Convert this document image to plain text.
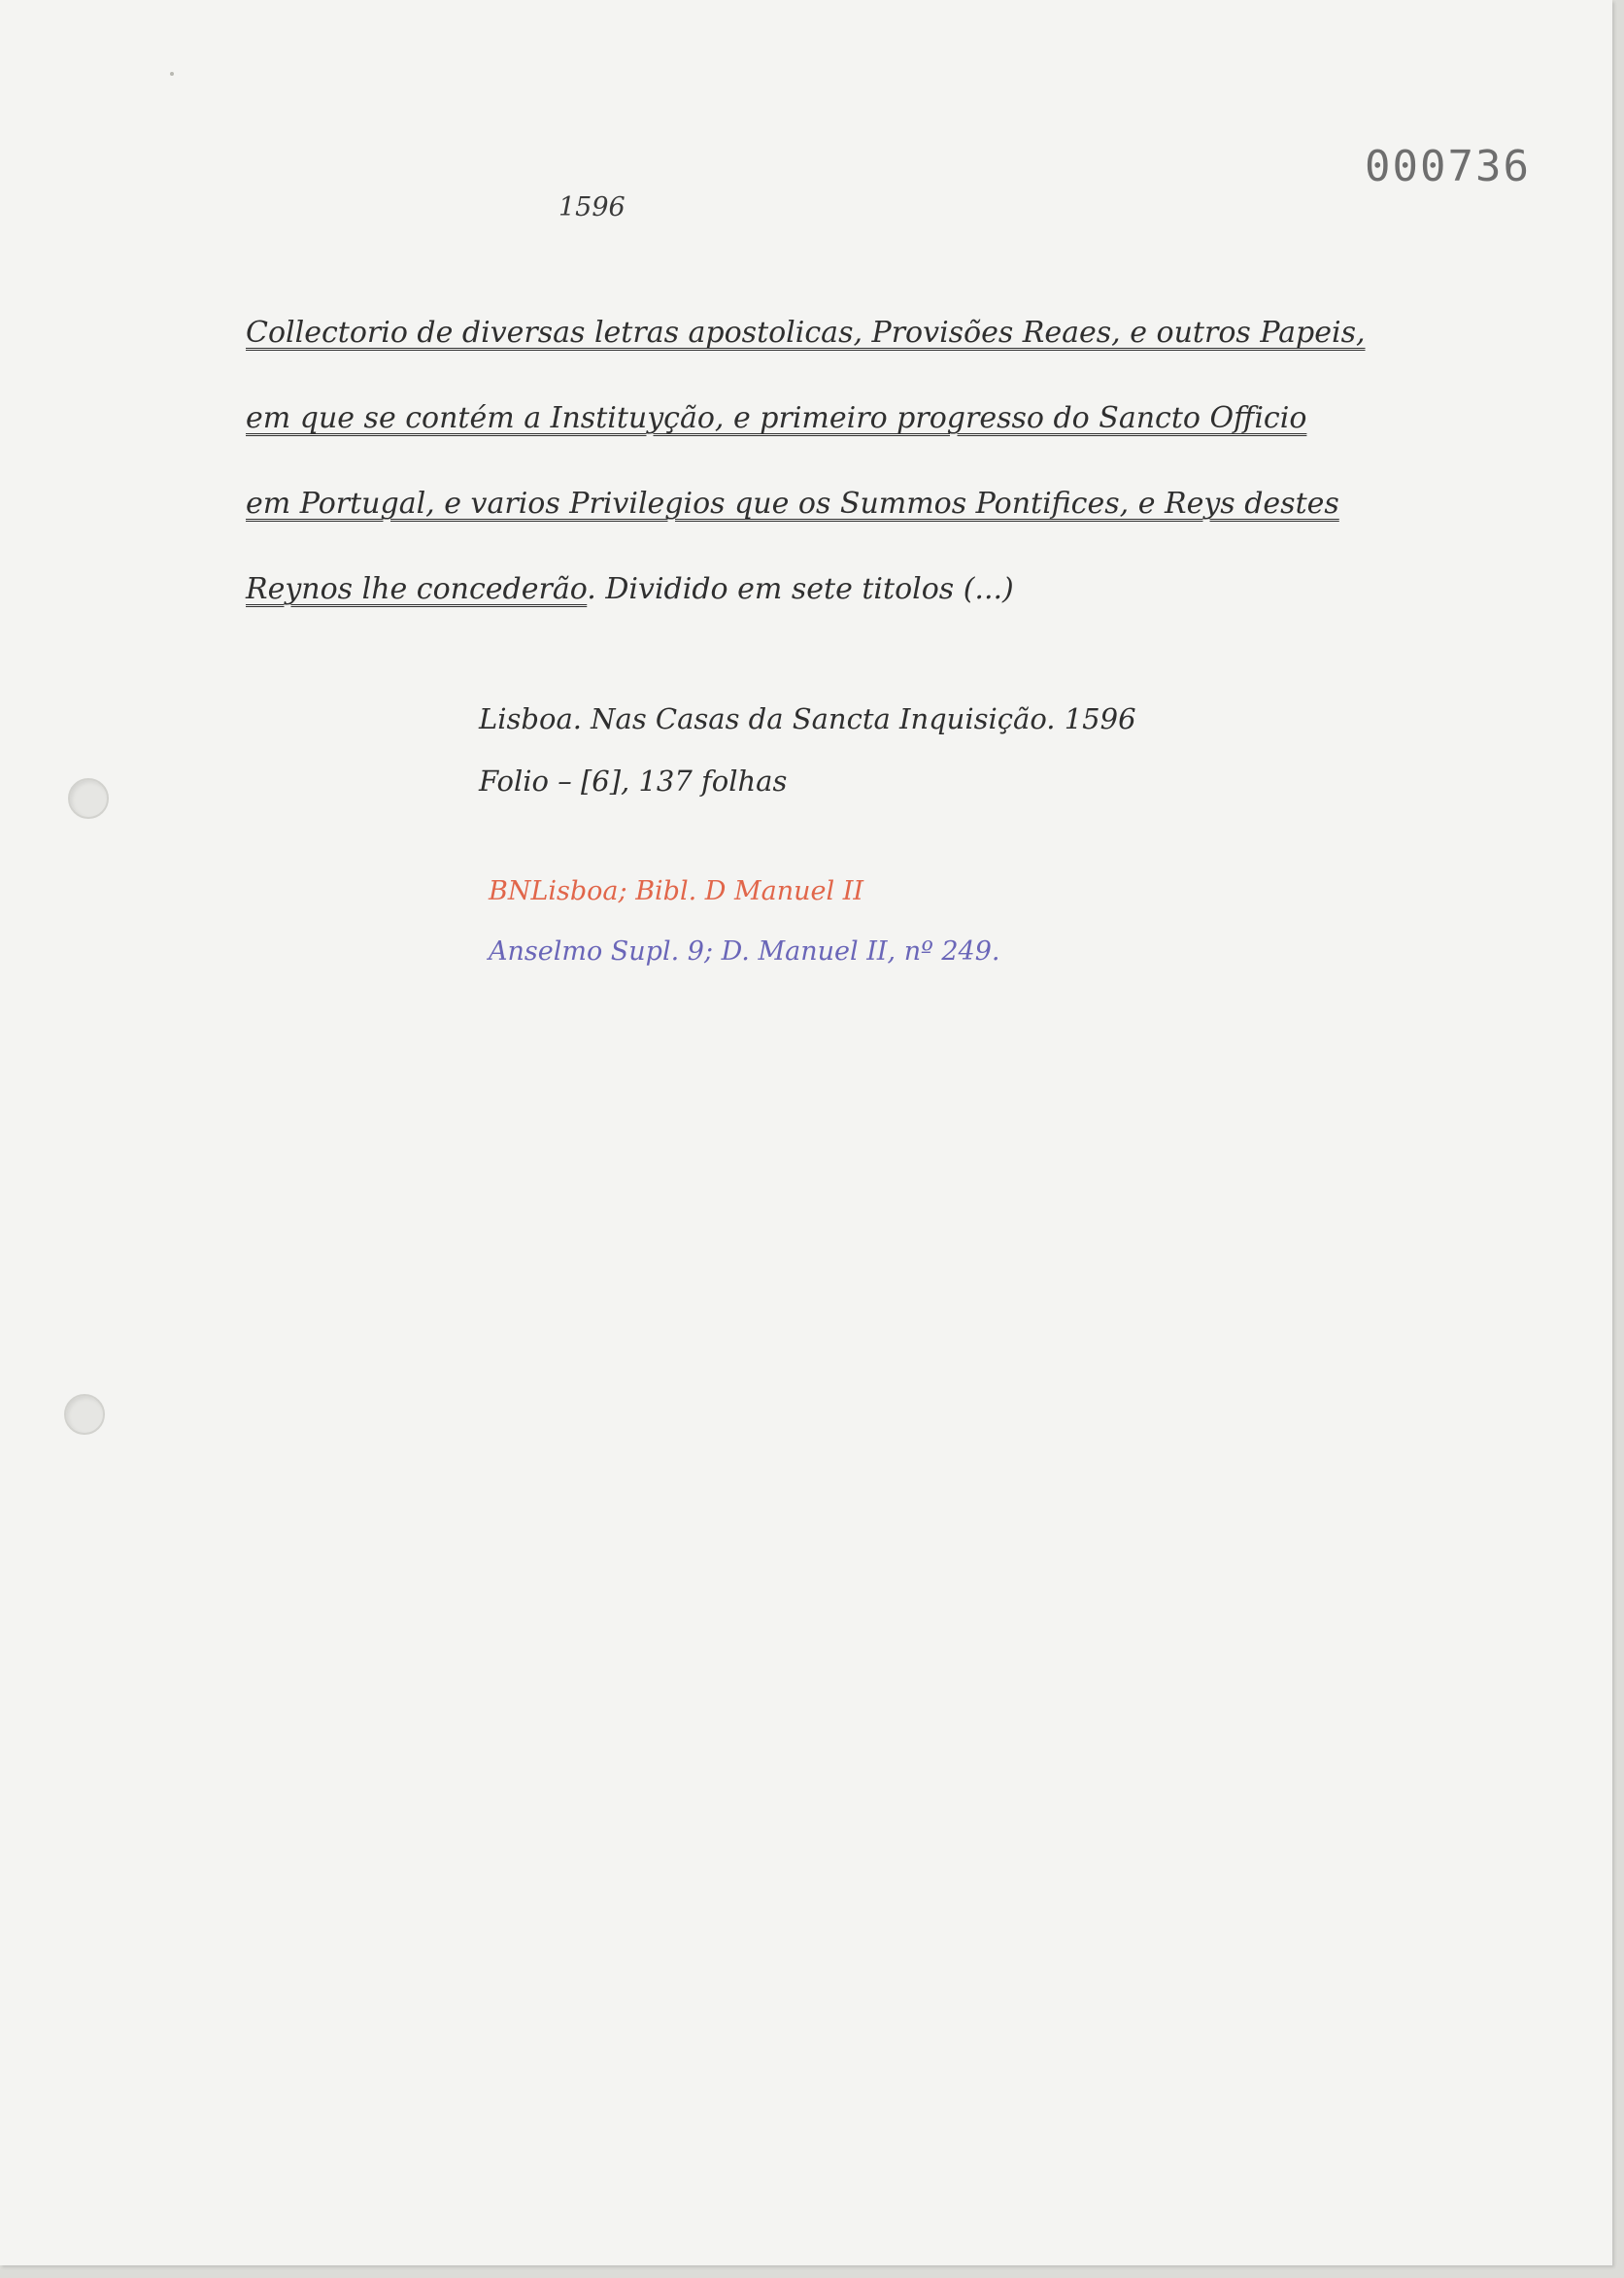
000736
1596
Collectorio de diversas letras apostolicas, Provisões Reaes, e outros Papeis,
em que se contém a Instituyção, e primeiro progresso do Sancto Officio
em Portugal, e varios Privilegios que os Summos Pontifices, e Reys destes
Reynos lhe concederão. Dividido em sete titolos (...)
Lisboa. Nas Casas da Sancta Inquisição. 1596
Folio – [6], 137 folhas
BNLisboa; Bibl. D Manuel II
Anselmo Supl. 9; D. Manuel II, nº 249.
